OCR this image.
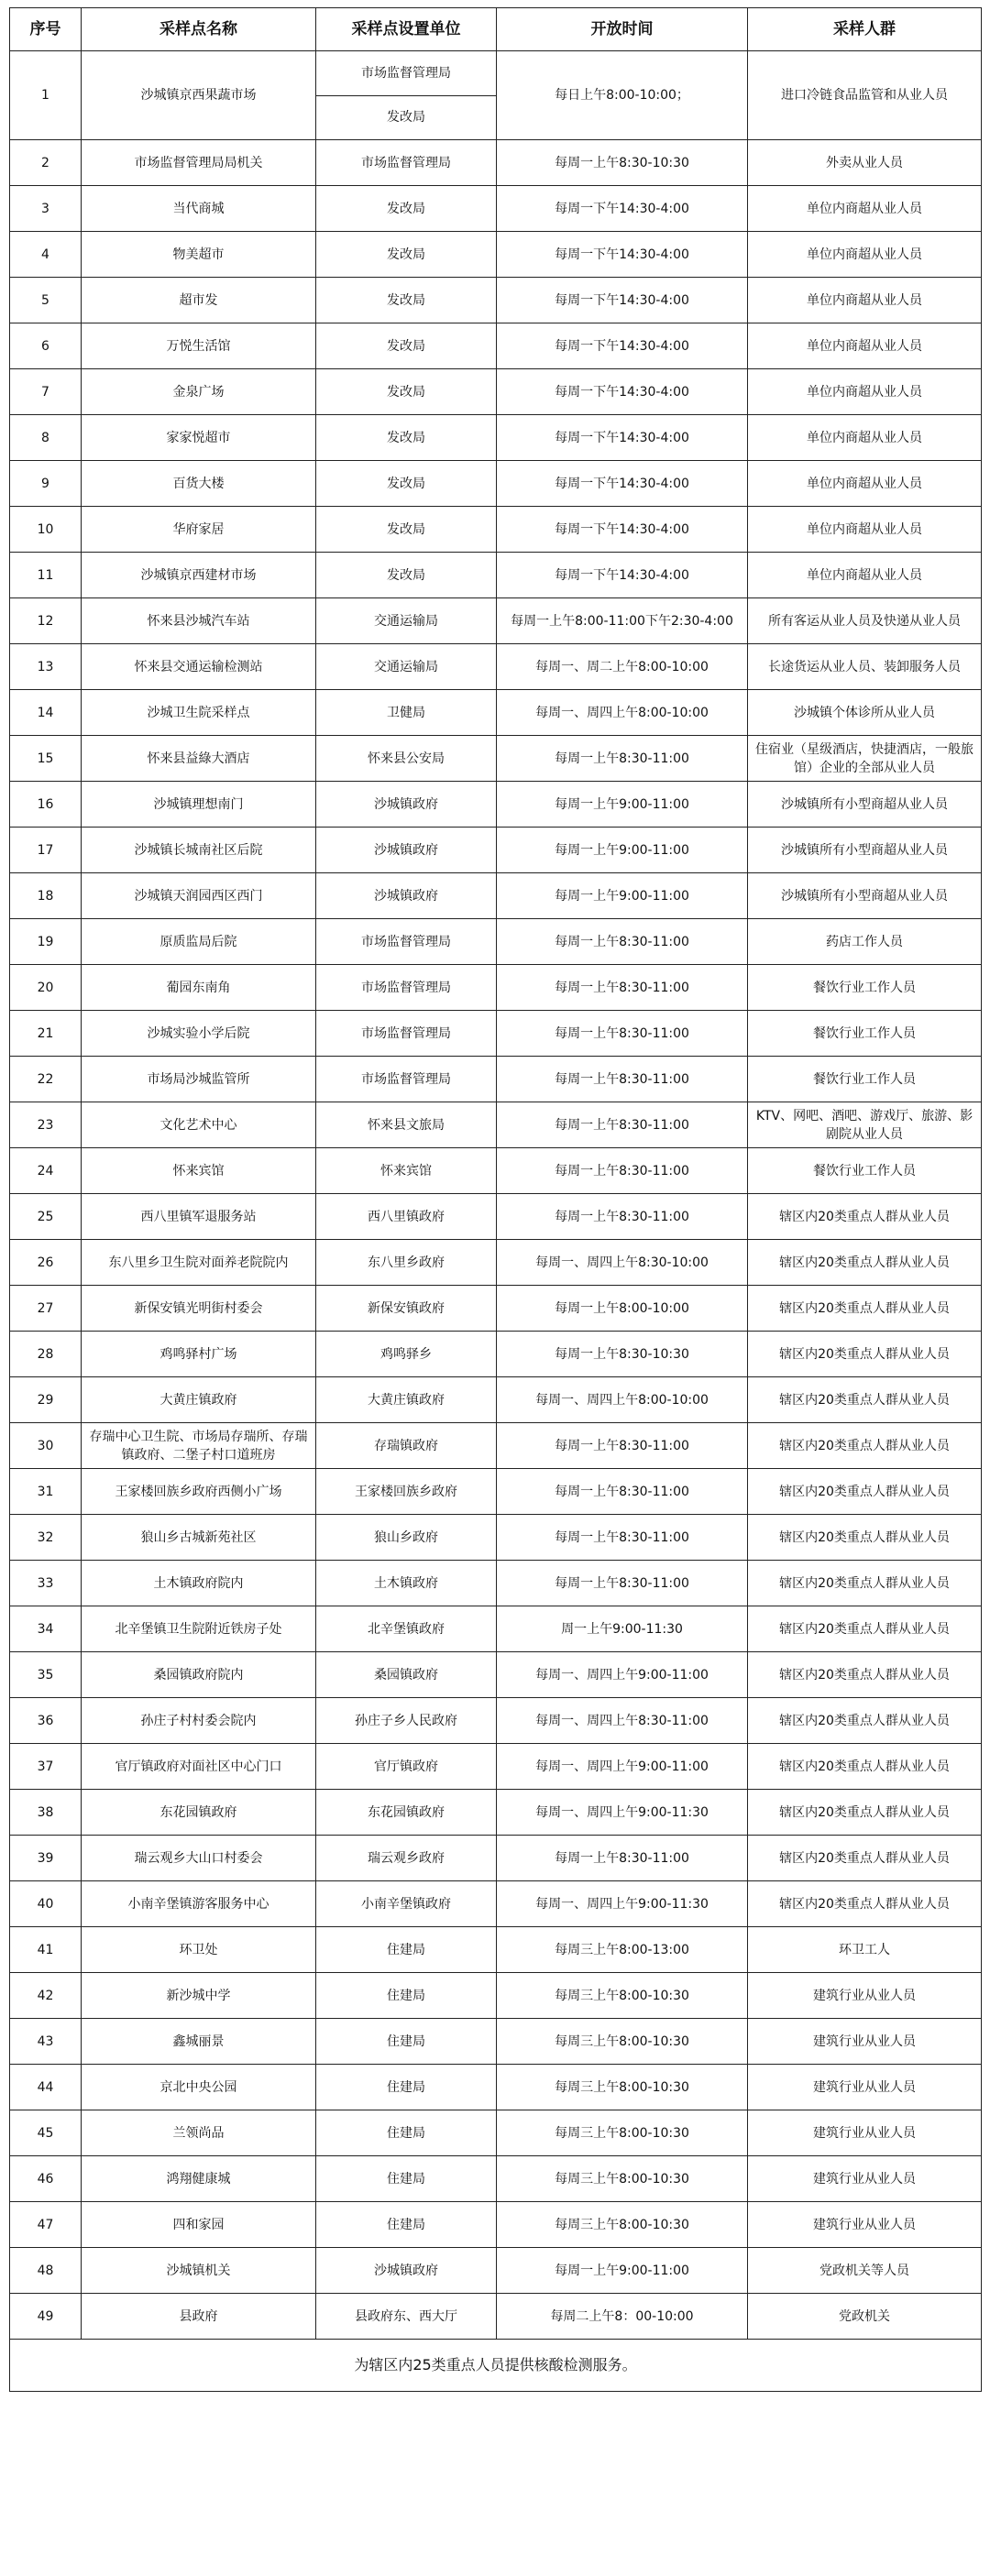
序号	采样点名称	采样点设置单位	开放时间	采样人群
1	沙城镇京西果蔬市场	市场监督管理局	每日上午8:00-10:00；	进口冷链食品监管和从业人员
		发改局		
2	市场监督管理局局机关	市场监督管理局	每周一上午8:30-10:30	外卖从业人员
3	当代商城	发改局	每周一下午14:30-4:00	单位内商超从业人员
4	物美超市	发改局	每周一下午14:30-4:00	单位内商超从业人员
5	超市发	发改局	每周一下午14:30-4:00	单位内商超从业人员
6	万悦生活馆	发改局	每周一下午14:30-4:00	单位内商超从业人员
7	金泉广场	发改局	每周一下午14:30-4:00	单位内商超从业人员
8	家家悦超市	发改局	每周一下午14:30-4:00	单位内商超从业人员
9	百货大楼	发改局	每周一下午14:30-4:00	单位内商超从业人员
10	华府家居	发改局	每周一下午14:30-4:00	单位内商超从业人员
11	沙城镇京西建材市场	发改局	每周一下午14:30-4:00	单位内商超从业人员
12	怀来县沙城汽车站	交通运输局	每周一上午8:00-11:00下午2:30-4:00	所有客运从业人员及快递从业人员
13	怀来县交通运输检测站	交通运输局	每周一、周二上午8:00-10:00	长途货运从业人员、装卸服务人员
14	沙城卫生院采样点	卫健局	每周一、周四上午8:00-10:00	沙城镇个体诊所从业人员
15	怀来县益綠大酒店	怀来县公安局	每周一上午8:30-11:00	住宿业（星级酒店，快捷酒店，一般旅馆）企业的全部从业人员
16	沙城镇理想南门	沙城镇政府	每周一上午9:00-11:00	沙城镇所有小型商超从业人员
17	沙城镇长城南社区后院	沙城镇政府	每周一上午9:00-11:00	沙城镇所有小型商超从业人员
18	沙城镇天润园西区西门	沙城镇政府	每周一上午9:00-11:00	沙城镇所有小型商超从业人员
19	原质监局后院	市场监督管理局	每周一上午8:30-11:00	药店工作人员
20	葡园东南角	市场监督管理局	每周一上午8:30-11:00	餐饮行业工作人员
21	沙城实验小学后院	市场监督管理局	每周一上午8:30-11:00	餐饮行业工作人员
22	市场局沙城监管所	市场监督管理局	每周一上午8:30-11:00	餐饮行业工作人员
23	文化艺术中心	怀来县文旅局	每周一上午8:30-11:00	KTV、网吧、酒吧、游戏厅、旅游、影剧院从业人员
24	怀来宾馆	怀来宾馆	每周一上午8:30-11:00	餐饮行业工作人员
25	西八里镇军退服务站	西八里镇政府	每周一上午8:30-11:00	辖区内20类重点人群从业人员
26	东八里乡卫生院对面养老院院内	东八里乡政府	每周一、周四上午8:30-10:00	辖区内20类重点人群从业人员
27	新保安镇光明街村委会	新保安镇政府	每周一上午8:00-10:00	辖区内20类重点人群从业人员
28	鸡鸣驿村广场	鸡鸣驿乡	每周一上午8:30-10:30	辖区内20类重点人群从业人员
29	大黄庄镇政府	大黄庄镇政府	每周一、周四上午8:00-10:00	辖区内20类重点人群从业人员
30	存瑞中心卫生院、市场局存瑞所、存瑞镇政府、二堡子村口道班房	存瑞镇政府	每周一上午8:30-11:00	辖区内20类重点人群从业人员
31	王家楼回族乡政府西侧小广场	王家楼回族乡政府	每周一上午8:30-11:00	辖区内20类重点人群从业人员
32	狼山乡古城新苑社区	狼山乡政府	每周一上午8:30-11:00	辖区内20类重点人群从业人员
33	土木镇政府院内	土木镇政府	每周一上午8:30-11:00	辖区内20类重点人群从业人员
34	北辛堡镇卫生院附近铁房子处	北辛堡镇政府	周一上午9:00-11:30	辖区内20类重点人群从业人员
35	桑园镇政府院内	桑园镇政府	每周一、周四上午9:00-11:00	辖区内20类重点人群从业人员
36	孙庄子村村委会院内	孙庄子乡人民政府	每周一、周四上午8:30-11:00	辖区内20类重点人群从业人员
37	官厅镇政府对面社区中心门口	官厅镇政府	每周一、周四上午9:00-11:00	辖区内20类重点人群从业人员
38	东花园镇政府	东花园镇政府	每周一、周四上午9:00-11:30	辖区内20类重点人群从业人员
39	瑞云观乡大山口村委会	瑞云观乡政府	每周一上午8:30-11:00	辖区内20类重点人群从业人员
40	小南辛堡镇游客服务中心	小南辛堡镇政府	每周一、周四上午9:00-11:30	辖区内20类重点人群从业人员
41	环卫处	住建局	每周三上午8:00-13:00	环卫工人
42	新沙城中学	住建局	每周三上午8:00-10:30	建筑行业从业人员
43	鑫城丽景	住建局	每周三上午8:00-10:30	建筑行业从业人员
44	京北中央公园	住建局	每周三上午8:00-10:30	建筑行业从业人员
45	兰领尚品	住建局	每周三上午8:00-10:30	建筑行业从业人员
46	鸿翔健康城	住建局	每周三上午8:00-10:30	建筑行业从业人员
47	四和家园	住建局	每周三上午8:00-10:30	建筑行业从业人员
48	沙城镇机关	沙城镇政府	每周一上午9:00-11:00	党政机关等人员
49	县政府	县政府东、西大厅	每周二上午8：00-10:00	党政机关
为辖区内25类重点人员提供核酸检测服务。				
